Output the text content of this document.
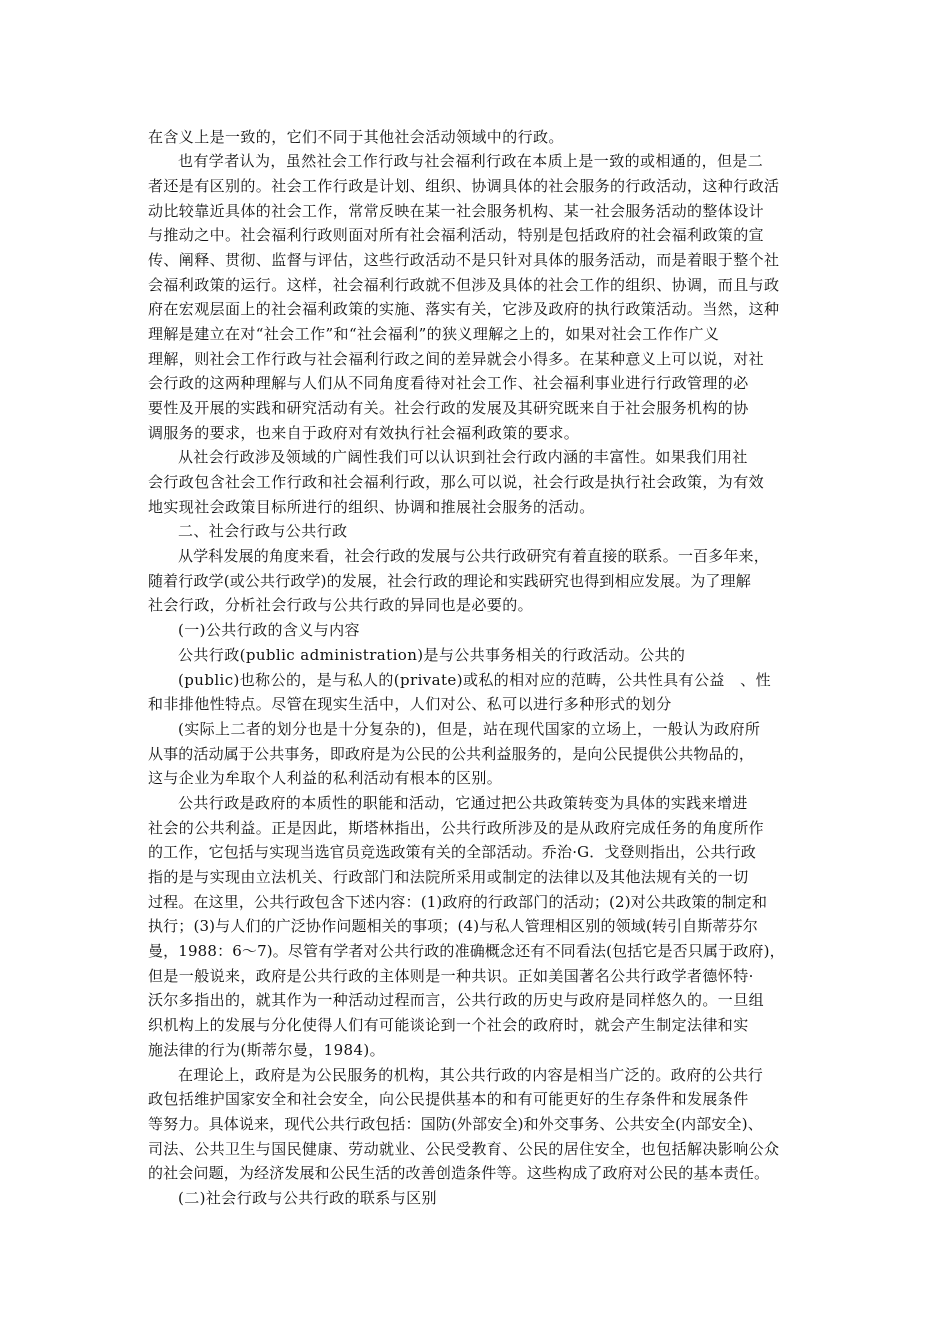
在含义上是一致的，它们不同于其他社会活动领域中的行政。

也有学者认为，虽然社会工作行政与社会福利行政在本质上是一致的或相通的，但是二

者还是有区别的。社会工作行政是计划、组织、协调具体的社会服务的行政活动，这种行政活

动比较靠近具体的社会工作，常常反映在某一社会服务机构、某一社会服务活动的整体设计

与推动之中。社会福利行政则面对所有社会福利活动，特别是包括政府的社会福利政策的宣

传、阐释、贯彻、监督与评估，这些行政活动不是只针对具体的服务活动，而是着眼于整个社

会福利政策的运行。这样，社会福利行政就不但涉及具体的社会工作的组织、协调，而且与政

府在宏观层面上的社会福利政策的实施、落实有关，它涉及政府的执行政策活动。当然，这种

理解是建立在对“社会工作”和“社会福利”的狭义理解之上的，如果对社会工作作广义

理解，则社会工作行政与社会福利行政之间的差异就会小得多。在某种意义上可以说，对社

会行政的这两种理解与人们从不同角度看待对社会工作、社会福利事业进行行政管理的必

要性及开展的实践和研究活动有关。社会行政的发展及其研究既来自于社会服务机构的协

调服务的要求，也来自于政府对有效执行社会福利政策的要求。

从社会行政涉及领域的广阔性我们可以认识到社会行政内涵的丰富性。如果我们用社

会行政包含社会工作行政和社会福利行政，那么可以说，社会行政是执行社会政策，为有效

地实现社会政策目标所进行的组织、协调和推展社会服务的活动。

二、社会行政与公共行政

从学科发展的角度来看，社会行政的发展与公共行政研究有着直接的联系。一百多年来，

随着行政学(或公共行政学)的发展，社会行政的理论和实践研究也得到相应发展。为了理解

社会行政，分析社会行政与公共行政的异同也是必要的。

(一)公共行政的含义与内容

公共行政(public administration)是与公共事务相关的行政活动。公共的

(public)也称公的，是与私人的(private)或私的相对应的范畴，公共性具有公益　、性

和非排他性特点。尽管在现实生活中，人们对公、私可以进行多种形式的划分

(实际上二者的划分也是十分复杂的)，但是，站在现代国家的立场上，一般认为政府所

从事的活动属于公共事务，即政府是为公民的公共利益服务的，是向公民提供公共物品的，

这与企业为牟取个人利益的私利活动有根本的区别。

公共行政是政府的本质性的职能和活动，它通过把公共政策转变为具体的实践来增进

社会的公共利益。正是因此，斯塔林指出，公共行政所涉及的是从政府完成任务的角度所作

的工作，它包括与实现当选官员竞选政策有关的全部活动。乔治·G．戈登则指出，公共行政

指的是与实现由立法机关、行政部门和法院所采用或制定的法律以及其他法规有关的一切

过程。在这里，公共行政包含下述内容：(1)政府的行政部门的活动；(2)对公共政策的制定和

执行；(3)与人们的广泛协作问题相关的事项；(4)与私人管理相区别的领域(转引自斯蒂芬尔

曼，1988：6～7)。尽管有学者对公共行政的准确概念还有不同看法(包括它是否只属于政府)，

但是一般说来，政府是公共行政的主体则是一种共识。正如美国著名公共行政学者德怀特·

沃尔多指出的，就其作为一种活动过程而言，公共行政的历史与政府是同样悠久的。一旦组

织机构上的发展与分化使得人们有可能谈论到一个社会的政府时，就会产生制定法律和实

施法律的行为(斯蒂尔曼，1984)。

在理论上，政府是为公民服务的机构，其公共行政的内容是相当广泛的。政府的公共行

政包括维护国家安全和社会安全，向公民提供基本的和有可能更好的生存条件和发展条件

等努力。具体说来，现代公共行政包括：国防(外部安全)和外交事务、公共安全(内部安全)、

司法、公共卫生与国民健康、劳动就业、公民受教育、公民的居住安全，也包括解决影响公众

的社会问题，为经济发展和公民生活的改善创造条件等。这些构成了政府对公民的基本责任。

(二)社会行政与公共行政的联系与区别
